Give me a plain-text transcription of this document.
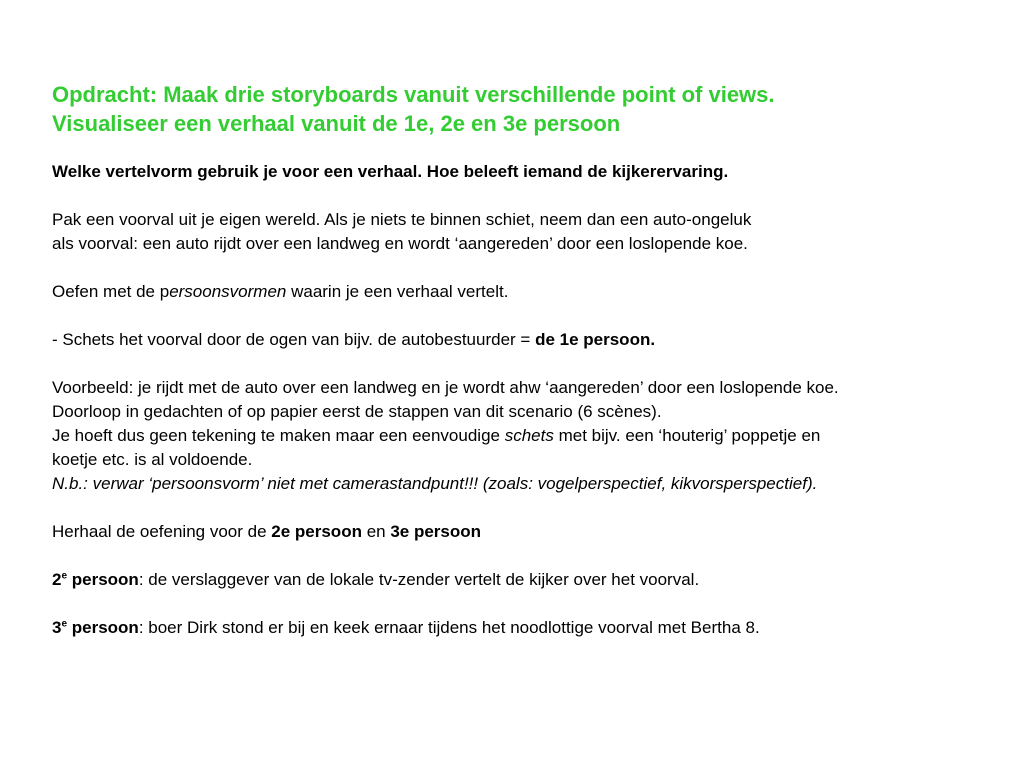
Opdracht: Maak drie storyboards vanuit verschillende point of views.
Visualiseer een verhaal vanuit de 1e, 2e en 3e persoon
Welke vertelvorm gebruik je voor een verhaal. Hoe beleeft iemand de kijkerervaring.

Pak een voorval uit je eigen wereld. Als je niets te binnen schiet, neem dan een auto-ongeluk
als voorval: een auto rijdt over een landweg en wordt ‘aangereden’ door een loslopende koe.

Oefen met de persoonsvormen waarin je een verhaal vertelt.

- Schets het voorval door de ogen van bijv. de autobestuurder = de 1e persoon.

Voorbeeld: je rijdt met de auto over een landweg en je wordt ahw ‘aangereden’ door een loslopende koe.
Doorloop in gedachten of op papier eerst de stappen van dit scenario (6 scènes).
Je hoeft dus geen tekening te maken maar een eenvoudige schets met bijv. een ‘houterig’ poppetje en
koetje etc. is al voldoende.
N.b.: verwar ‘persoonsvorm’ niet met camerastandpunt!!! (zoals: vogelperspectief, kikvorsperspectief).

Herhaal de oefening voor de 2e persoon en 3e persoon

2e persoon: de verslaggever van de lokale tv-zender vertelt de kijker over het voorval.

3e persoon: boer Dirk stond er bij en keek ernaar tijdens het noodlottige voorval met Bertha 8.
